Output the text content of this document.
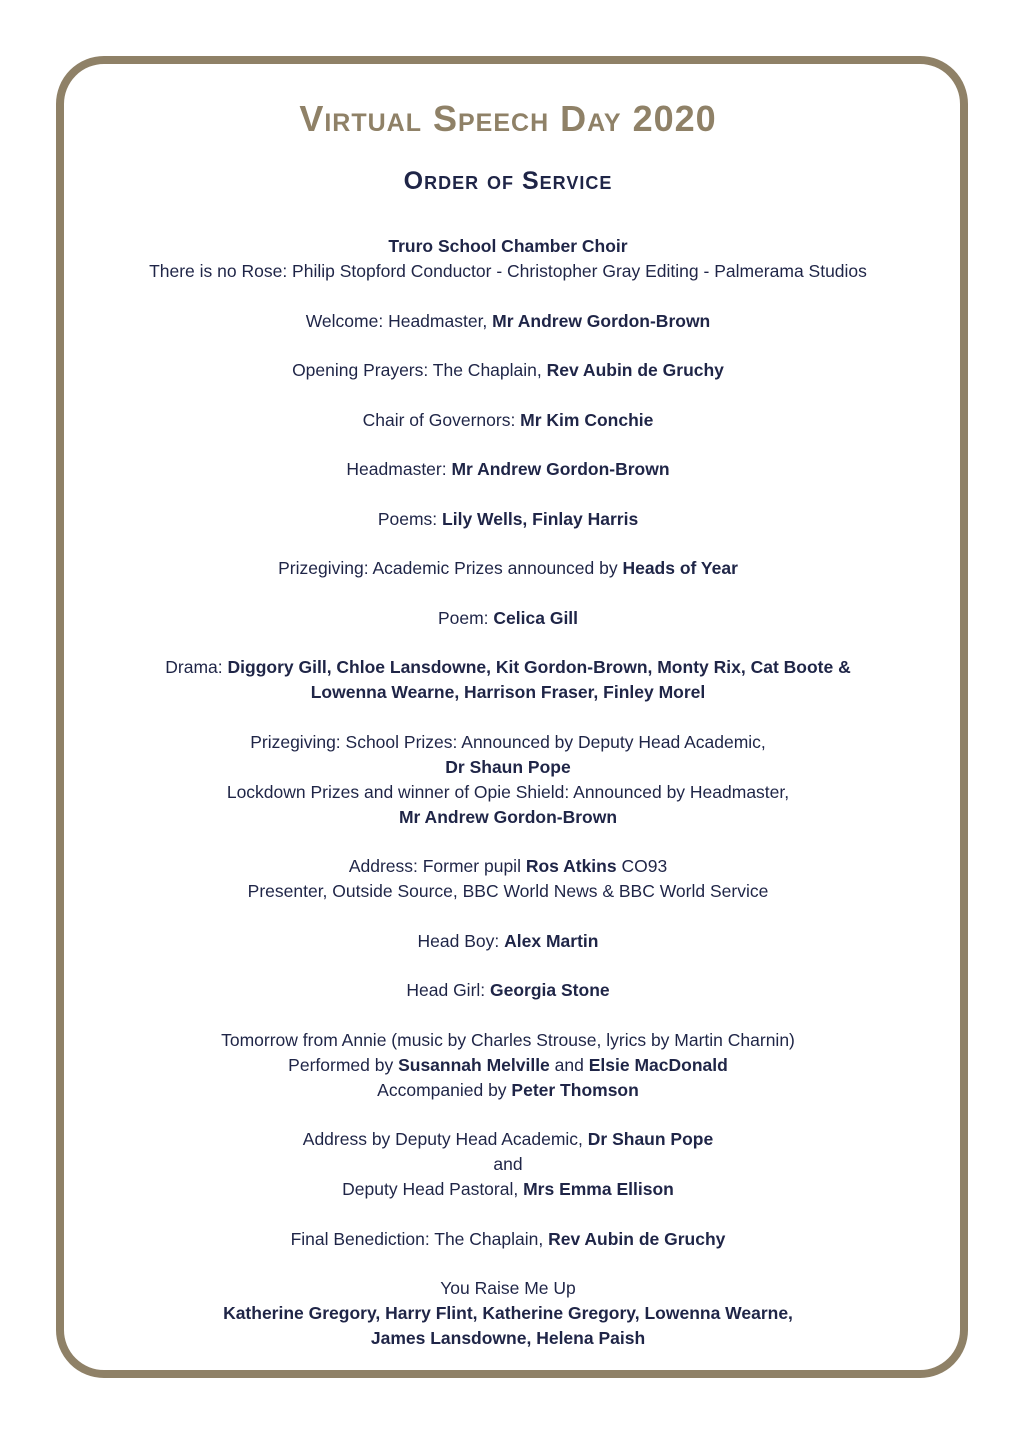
Virtual Speech Day 2020
Order of Service
Truro School Chamber Choir
There is no Rose: Philip Stopford Conductor - Christopher Gray Editing - Palmerama Studios
Welcome: Headmaster, Mr Andrew Gordon-Brown
Opening Prayers: The Chaplain, Rev Aubin de Gruchy
Chair of Governors: Mr Kim Conchie
Headmaster: Mr Andrew Gordon-Brown
Poems: Lily Wells, Finlay Harris
Prizegiving: Academic Prizes announced by Heads of Year
Poem: Celica Gill
Drama: Diggory Gill, Chloe Lansdowne, Kit Gordon-Brown, Monty Rix, Cat Boote &
Lowenna Wearne, Harrison Fraser, Finley Morel
Prizegiving: School Prizes: Announced by Deputy Head Academic,
Dr Shaun Pope
Lockdown Prizes and winner of Opie Shield: Announced by Headmaster,
Mr Andrew Gordon-Brown
Address: Former pupil Ros Atkins CO93
Presenter, Outside Source, BBC World News & BBC World Service
Head Boy: Alex Martin
Head Girl: Georgia Stone
Tomorrow from Annie (music by Charles Strouse, lyrics by Martin Charnin)
Performed by Susannah Melville and Elsie MacDonald
Accompanied by Peter Thomson
Address by Deputy Head Academic, Dr Shaun Pope
and
Deputy Head Pastoral, Mrs Emma Ellison
Final Benediction: The Chaplain, Rev Aubin de Gruchy
You Raise Me Up
Katherine Gregory, Harry Flint, Katherine Gregory, Lowenna Wearne,
James Lansdowne, Helena Paish
